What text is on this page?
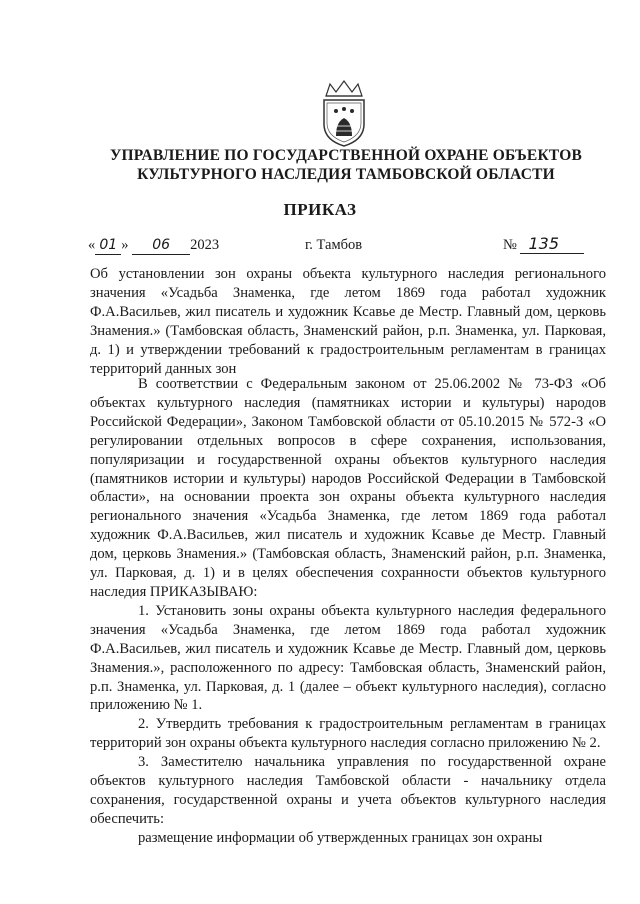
УПРАВЛЕНИЕ ПО ГОСУДАРСТВЕННОЙ ОХРАНЕ ОБЪЕКТОВ
КУЛЬТУРНОГО НАСЛЕДИЯ ТАМБОВСКОЙ ОБЛАСТИ
ПРИКАЗ
« 01 » 06 2023	г. Тамбов	№ 135
Об установлении зон охраны объекта культурного наследия регионального значения «Усадьба Знаменка, где летом 1869 года работал художник Ф.А.Васильев, жил писатель и художник Ксавье де Местр. Главный дом, церковь Знамения.» (Тамбовская область, Знаменский район, р.п. Знаменка, ул. Парковая, д. 1) и утверждении требований к градостроительным регламентам в границах территорий данных зон

В соответствии с Федеральным законом от 25.06.2002 № 73-ФЗ «Об объектах культурного наследия (памятниках истории и культуры) народов Российской Федерации», Законом Тамбовской области от 05.10.2015 № 572-З «О регулировании отдельных вопросов в сфере сохранения, использования, популяризации и государственной охраны объектов культурного наследия (памятников истории и культуры) народов Российской Федерации в Тамбовской области», на основании проекта зон охраны объекта культурного наследия регионального значения «Усадьба Знаменка, где летом 1869 года работал художник Ф.А.Васильев, жил писатель и художник Ксавье де Местр. Главный дом, церковь Знамения.» (Тамбовская область, Знаменский район, р.п. Знаменка, ул. Парковая, д. 1) и в целях обеспечения сохранности объектов культурного наследия ПРИКАЗЫВАЮ:

1. Установить зоны охраны объекта культурного наследия федерального значения «Усадьба Знаменка, где летом 1869 года работал художник Ф.А.Васильев, жил писатель и художник Ксавье де Местр. Главный дом, церковь Знамения.», расположенного по адресу: Тамбовская область, Знаменский район, р.п. Знаменка, ул. Парковая, д. 1 (далее – объект культурного наследия), согласно приложению № 1.

2. Утвердить требования к градостроительным регламентам в границах территорий зон охраны объекта культурного наследия согласно приложению № 2.

3. Заместителю начальника управления по государственной охране объектов культурного наследия Тамбовской области - начальнику отдела сохранения, государственной охраны и учета объектов культурного наследия обеспечить:

размещение информации об утвержденных границах зон охраны
